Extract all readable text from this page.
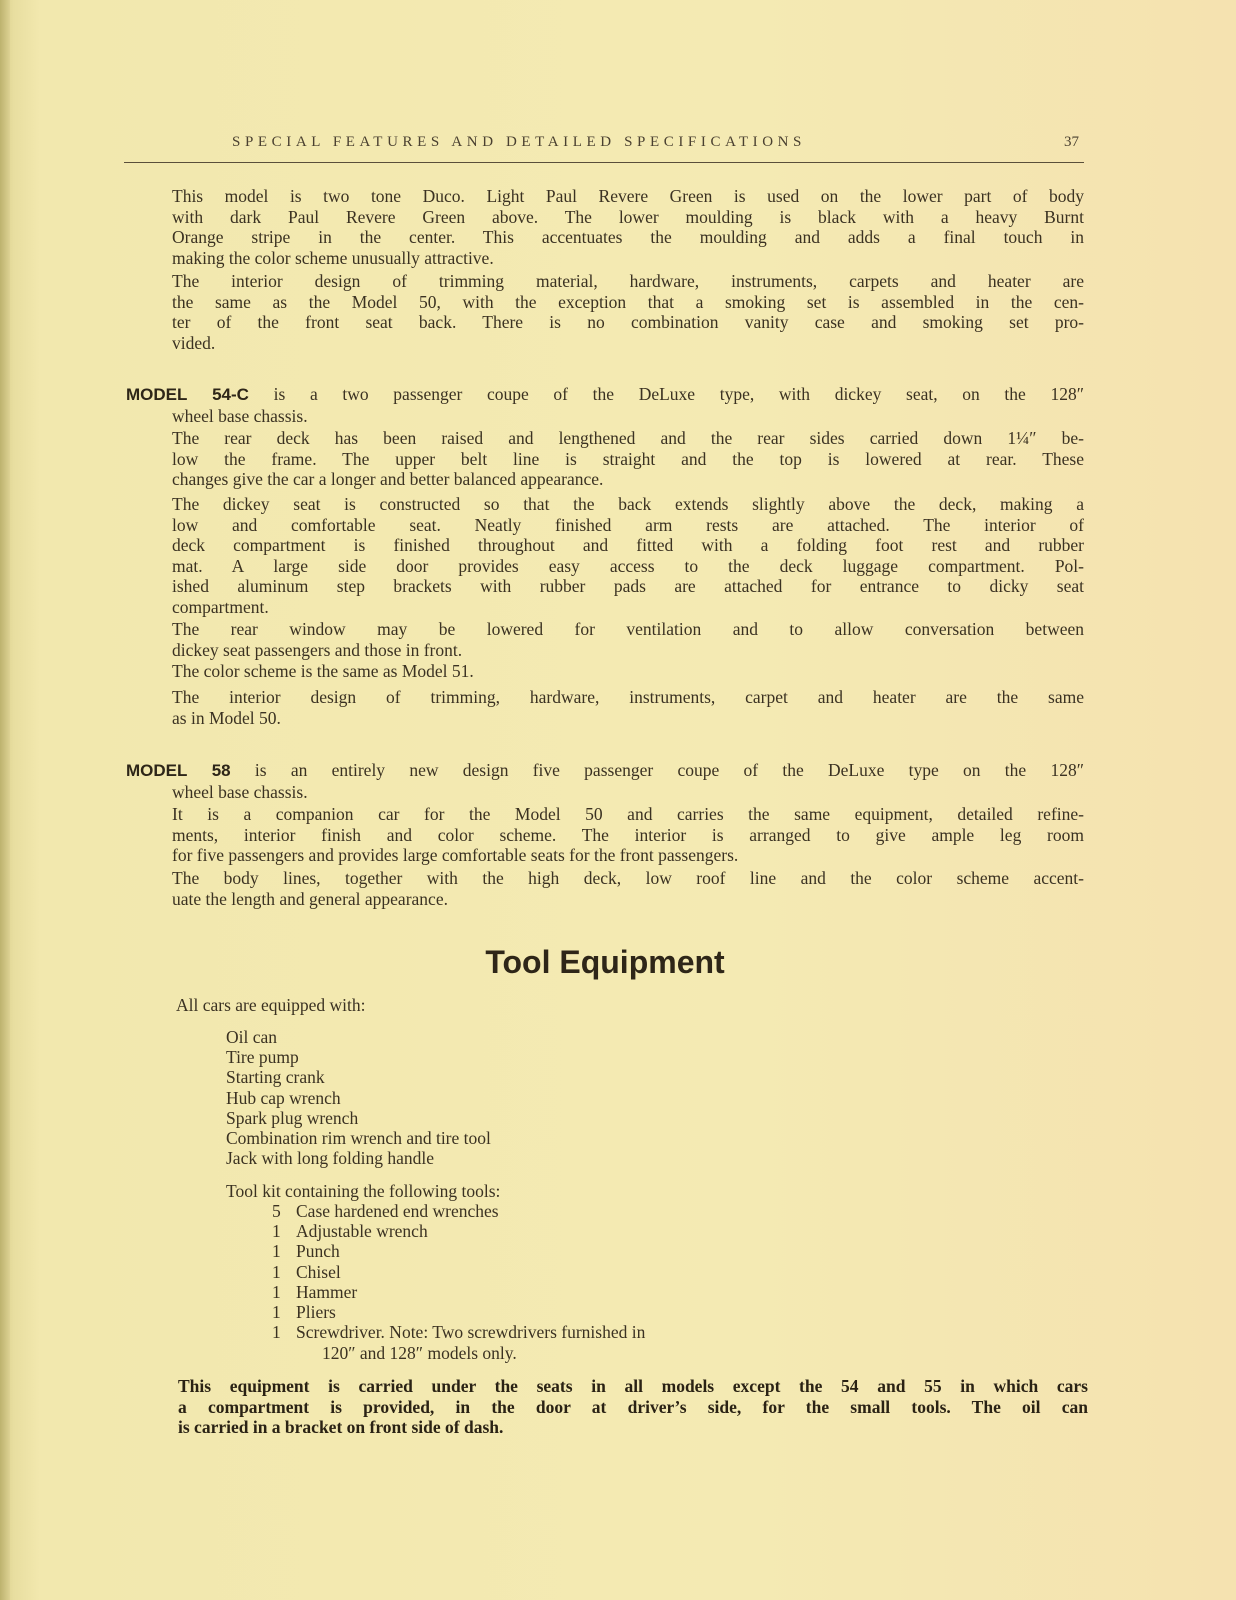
SPECIAL FEATURES AND DETAILED SPECIFICATIONS	37
This model is two tone Duco. Light Paul Revere Green is used on the lower part of body
with dark Paul Revere Green above. The lower moulding is black with a heavy Burnt
Orange stripe in the center. This accentuates the moulding and adds a final touch in
making the color scheme unusually attractive.
The interior design of trimming material, hardware, instruments, carpets and heater are
the same as the Model 50, with the exception that a smoking set is assembled in the cen-
ter of the front seat back. There is no combination vanity case and smoking set pro-
vided.
MODEL 54-C is a two passenger coupe of the DeLuxe type, with dickey seat, on the 128″
wheel base chassis.
The rear deck has been raised and lengthened and the rear sides carried down 1¼″ be-
low the frame. The upper belt line is straight and the top is lowered at rear. These
changes give the car a longer and better balanced appearance.
The dickey seat is constructed so that the back extends slightly above the deck, making a
low and comfortable seat. Neatly finished arm rests are attached. The interior of
deck compartment is finished throughout and fitted with a folding foot rest and rubber
mat. A large side door provides easy access to the deck luggage compartment. Pol-
ished aluminum step brackets with rubber pads are attached for entrance to dicky seat
compartment.
The rear window may be lowered for ventilation and to allow conversation between
dickey seat passengers and those in front.
The color scheme is the same as Model 51.
The interior design of trimming, hardware, instruments, carpet and heater are the same
as in Model 50.
MODEL 58 is an entirely new design five passenger coupe of the DeLuxe type on the 128″
wheel base chassis.
It is a companion car for the Model 50 and carries the same equipment, detailed refine-
ments, interior finish and color scheme. The interior is arranged to give ample leg room
for five passengers and provides large comfortable seats for the front passengers.
The body lines, together with the high deck, low roof line and the color scheme accent-
uate the length and general appearance.
Tool Equipment
All cars are equipped with:
Oil can
Tire pump
Starting crank
Hub cap wrench
Spark plug wrench
Combination rim wrench and tire tool
Jack with long folding handle
Tool kit containing the following tools:
5 Case hardened end wrenches
1 Adjustable wrench
1 Punch
1 Chisel
1 Hammer
1 Pliers
1 Screwdriver. Note: Two screwdrivers furnished in
120″ and 128″ models only.
This equipment is carried under the seats in all models except the 54 and 55 in which cars
a compartment is provided, in the door at driver’s side, for the small tools. The oil can
is carried in a bracket on front side of dash.
